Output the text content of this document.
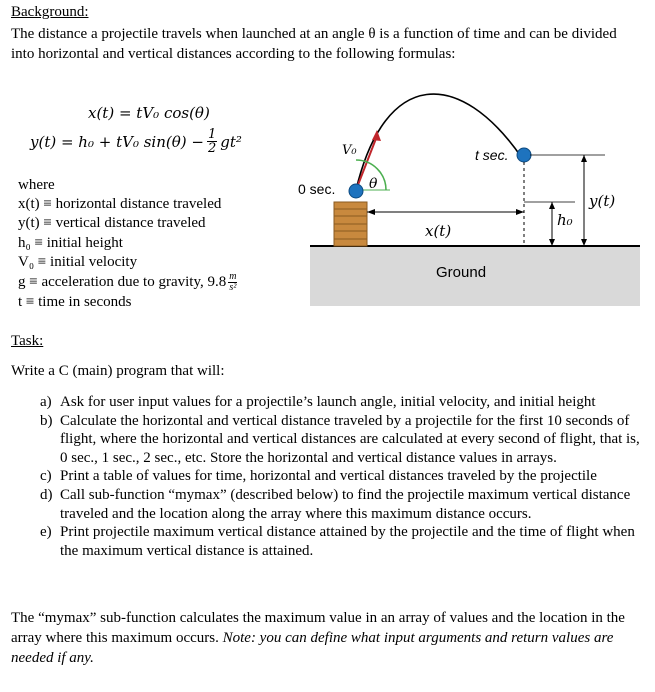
Background:
The distance a projectile travels when launched at an angle θ is a function of time and can be divided into horizontal and vertical distances according to the following formulas:
x(t) = tV₀ cos(θ)
y(t) = h₀ + tV₀ $\sin(\theta) - \frac{1}{2} gt^2$
where
x(t) ≡ horizontal distance traveled
y(t) ≡ vertical distance traveled
h₀ ≡ initial height
V₀ ≡ initial velocity
g ≡ acceleration due to gravity, $9.8 \frac{m}{\text{s²}}$
t ≡ time in seconds
0 sec.
t sec.
V₀
θ
x(t)
y(t)
h₀
Ground
Task:
Write a C (main) program that will:
a) Ask for user input values for a projectile’s launch angle, initial velocity, and initial height
b) Calculate the horizontal and vertical distance traveled by a projectile for the first 10 seconds of flight, where the horizontal and vertical distances are calculated at every second of flight, that is, 0 sec., 1 sec., 2 sec., etc. Store the horizontal and vertical distance values in arrays.
c) Print a table of values for time, horizontal and vertical distances traveled by the projectile
d) Call sub-function “mymax” (described below) to find the projectile maximum vertical distance traveled and the location along the array where this maximum distance occurs.
e) Print projectile maximum vertical distance attained by the projectile and the time of flight when the maximum vertical distance is attained.
The “mymax” sub-function calculates the maximum value in an array of values and the location in the array where this maximum occurs. Note: you can define what input arguments and return values are needed if any.
